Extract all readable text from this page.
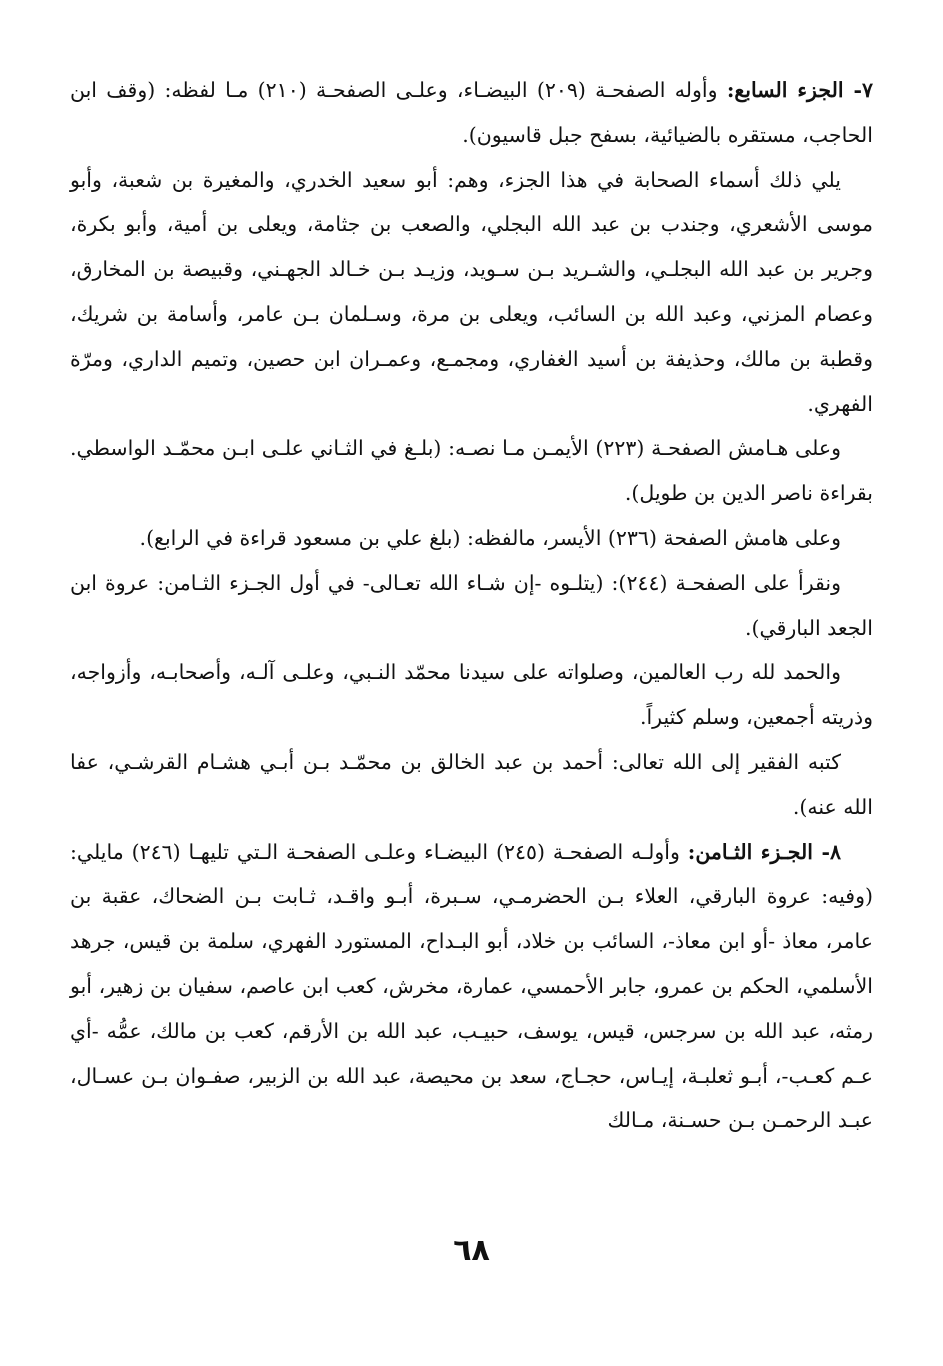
٧- الجزء السابع: وأوله الصفحـة (٢٠٩) البيضـاء، وعلـى الصفحـة (٢١٠) مـا لفظه: (وقف ابن الحاجب، مستقره بالضيائية، بسفح جبل قاسيون).

يلي ذلك أسماء الصحابة في هذا الجزء، وهم: أبو سعيد الخدري، والمغيرة بن شعبة، وأبو موسى الأشعري، وجندب بن عبد الله البجلي، والصعب بن جثامة، ويعلى بن أمية، وأبو بكرة، وجرير بن عبد الله البجلـي، والشـريد بـن سـويد، وزيـد بـن خـالد الجهـني، وقبيصة بن المخارق، وعصام المزني، وعبد الله بن السائب، ويعلى بن مرة، وسـلمان بـن عامر، وأسامة بن شريك، وقطبة بن مالك، وحذيفة بن أسيد الغفاري، ومجمـع، وعمـران ابن حصين، وتميم الداري، ومرّة الفهري.

وعلى هـامش الصفحـة (٢٢٣) الأيمـن مـا نصـه: (بلـغ في الثـاني علـى ابـن محمّـد الواسطي. بقراءة ناصر الدين بن طويل).

وعلى هامش الصفحة (٢٣٦) الأيسر، مالفظه: (بلغ علي بن مسعود قراءة في الرابع).

ونقرأ على الصفحـة (٢٤٤): (يتلـوه -إن شـاء الله تعـالى- في أول الجـزء الثـامن: عروة ابن الجعد البارقي).

والحمد لله رب العالمين، وصلواته على سيدنا محمّد النـبي، وعلـى آلـه، وأصحابـه، وأزواجه، وذريته أجمعين، وسلم كثيراً.

كتبه الفقير إلى الله تعالى: أحمد بن عبد الخالق بن محمّـد بـن أبـي هشـام القرشـي، عفا الله عنه).

٨- الجـزء الثـامن: وأولـه الصفحـة (٢٤٥) البيضـاء وعلـى الصفحـة الـتي تليهـا (٢٤٦) مايلي: (وفيه: عروة البارقي، العلاء بـن الحضرمـي، سـبرة، أبـو واقـد، ثـابت بـن الضحاك، عقبة بن عامر، معاذ -أو ابن معاذ-، السائب بن خلاد، أبو البـداح، المستورد الفهري، سلمة بن قيس، جرهد الأسلمي، الحكم بن عمرو، جابر الأحمسي، عمارة، مخرش، كعب ابن عاصم، سفيان بن زهير، أبو رمثه، عبد الله بن سرجس، قيس، يوسف، حبيـب، عبد الله بن الأرقم، كعب بن مالك، عمُّه -أي عـم كعـب-، أبـو ثعلبـة، إيـاس، حجـاج، سعد بن محيصة، عبد الله بن الزبير، صفـوان بـن عسـال، عبـد الرحمـن بـن حسـنة، مـالك

٦٨
